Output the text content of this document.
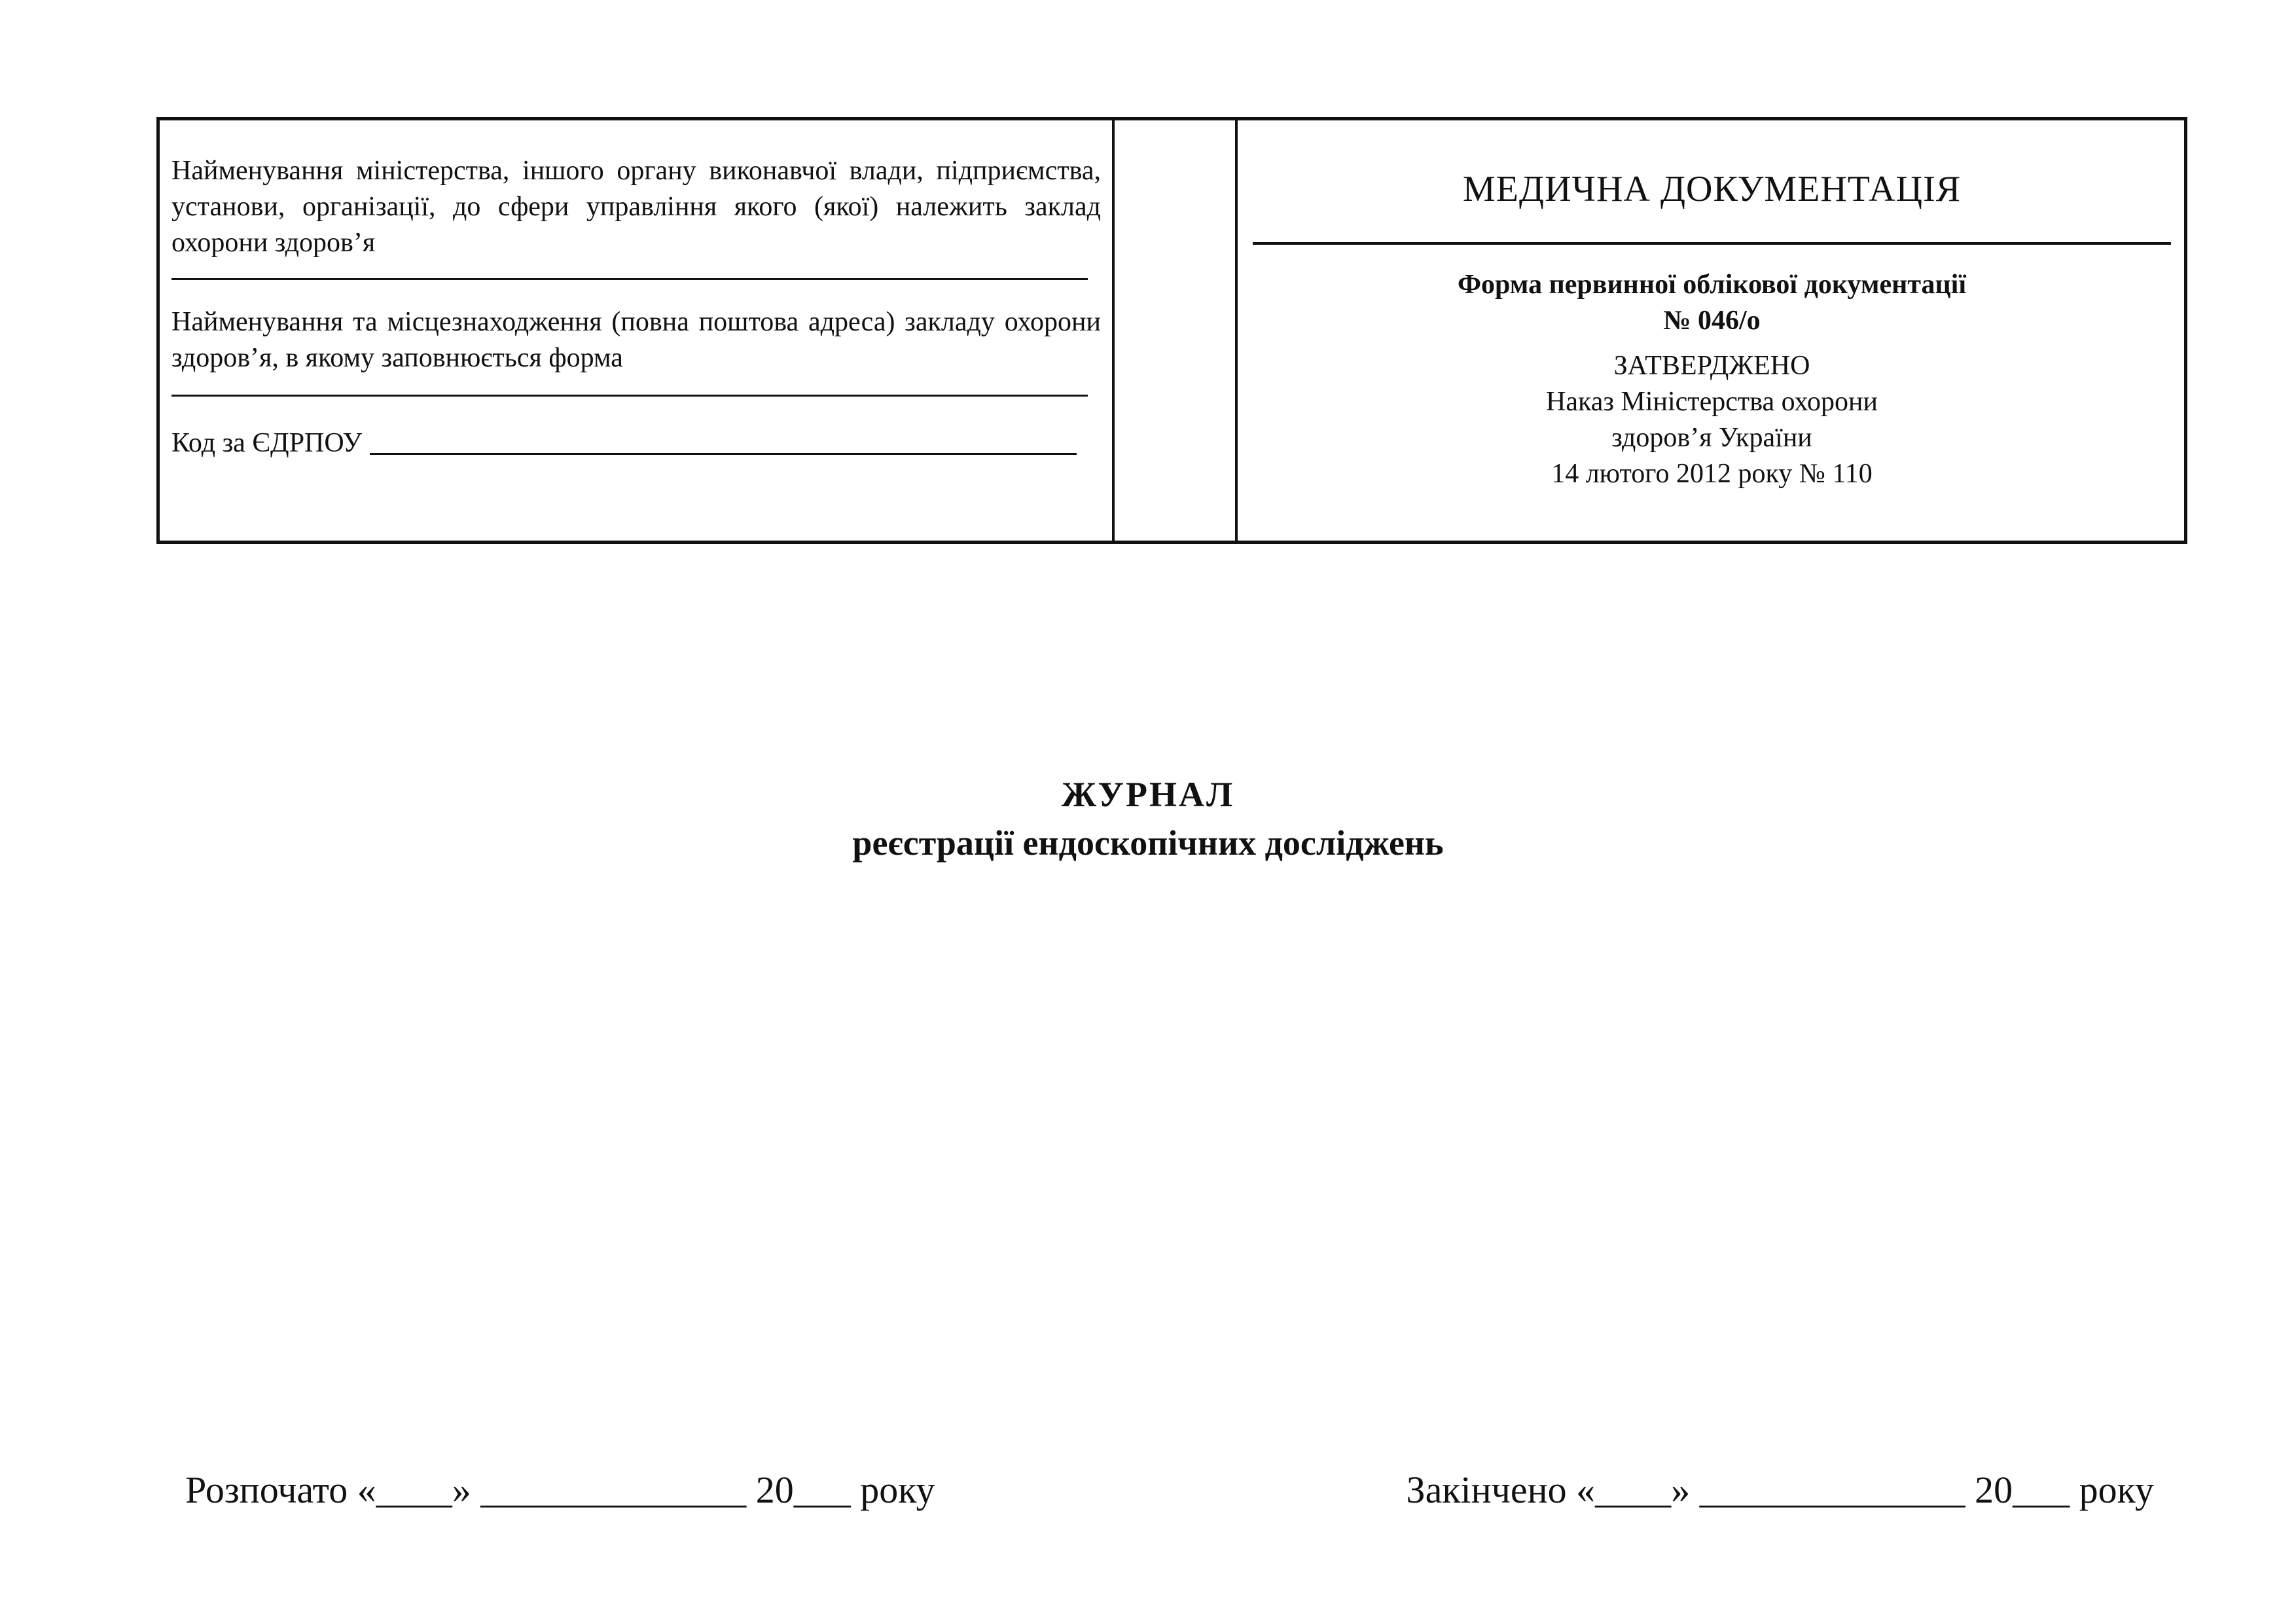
Найменування міністерства, іншого органу виконавчої влади, підприємства, установи, організації, до сфери управління якого (якої) належить заклад охорони здоров’я
Найменування та місцезнаходження (повна поштова адреса) закладу охорони здоров’я, в якому заповнюється форма
Код за ЄДРПОУ
МЕДИЧНА ДОКУМЕНТАЦІЯ
Форма первинної облікової документації
№ 046/о
ЗАТВЕРДЖЕНО
Наказ Міністерства охорони
здоров’я України
14 лютого 2012 року № 110
ЖУРНАЛ
реєстрації ендоскопічних досліджень
Розпочато «____» ______________ 20___ року	Закінчено «____» ______________ 20___ року
